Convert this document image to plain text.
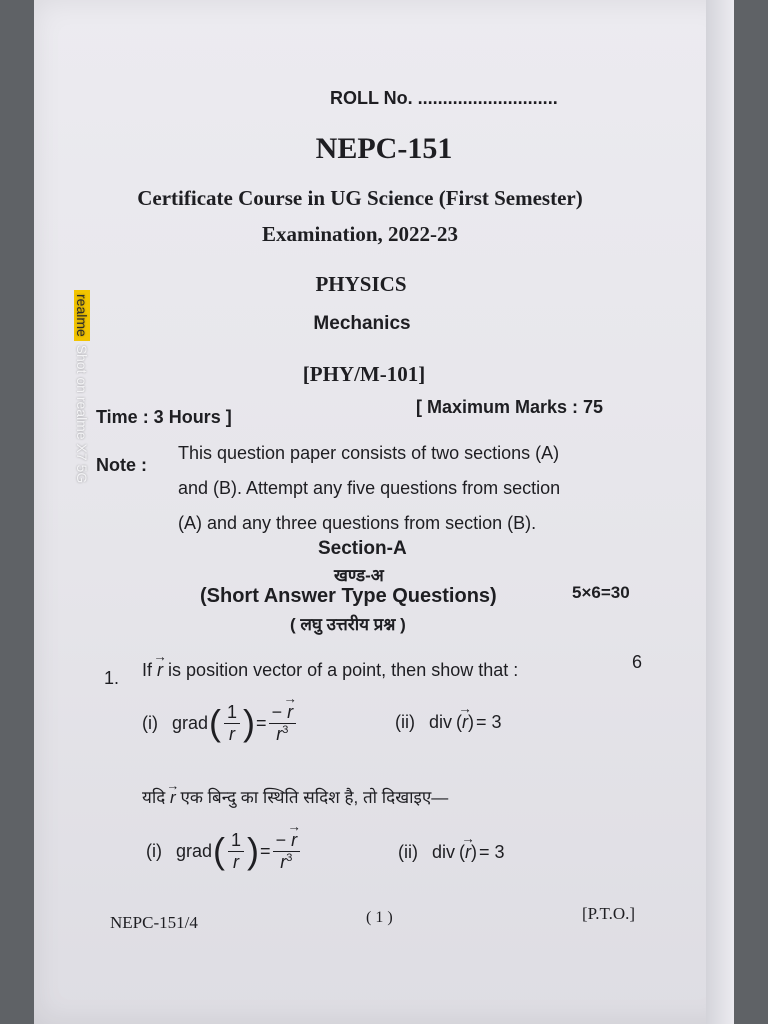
ROLL No. ............................
NEPC-151
Certificate Course in UG Science (First Semester)
Examination, 2022-23
PHYSICS
Mechanics
[PHY/M-101]
Time : 3 Hours ]	[ Maximum Marks : 75
Note :
This question paper consists of two sections (A)
and (B). Attempt any five questions from section
(A) and any three questions from section (B).
Section-A
खण्ड-अ
(Short Answer Type Questions)	5×6=30
( लघु उत्तरीय प्रश्न )
1. If → r is position vector of a point, then show that :	6
(i) grad ( $\frac{1}{r}$ ) = $\frac{- \to r}{r^3}$	(ii) div ( → r ) = 3
यदि → r एक बिन्दु का स्थिति सदिश है, तो दिखाइए—
(i) grad ( $\frac{1}{r}$ ) = $\frac{- \to r}{r^3}$	(ii) div ( → r ) = 3
NEPC-151/4	( 1 )	[P.T.O.]
realme Shot on realme X7 5G
